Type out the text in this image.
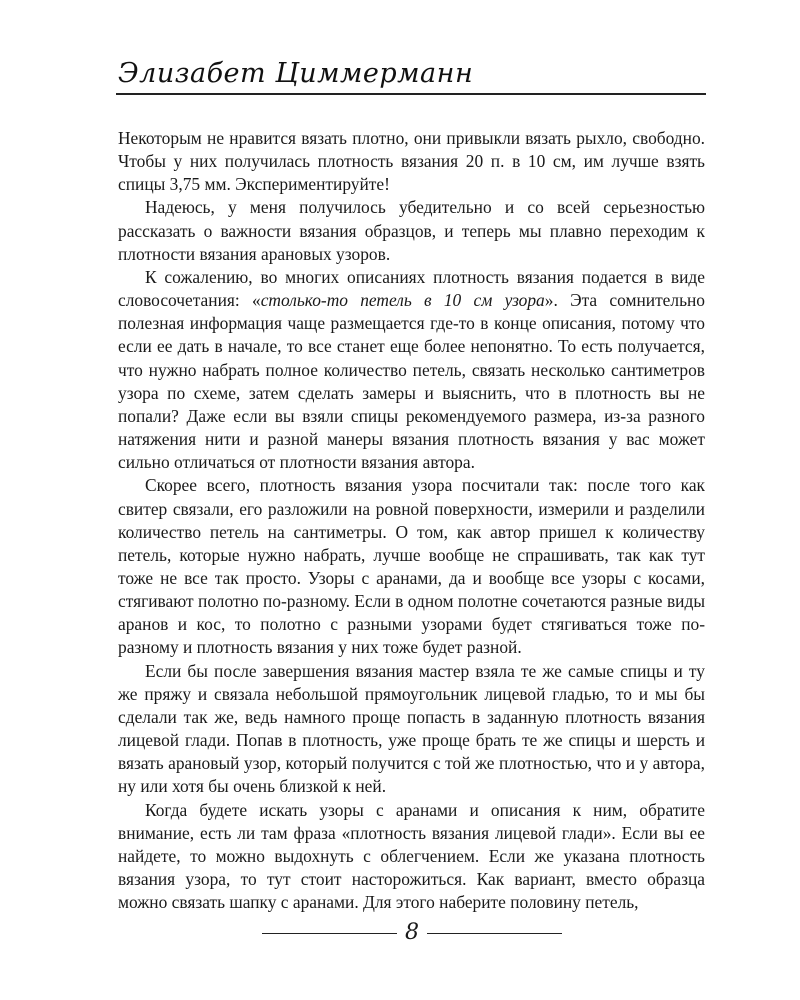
Элизабет Циммерманн

Некоторым не нравится вязать плотно, они привыкли вязать рыхло, свободно. Чтобы у них получилась плотность вязания 20 п. в 10 см, им лучше взять спицы 3,75 мм. Экспериментируйте!

Надеюсь, у меня получилось убедительно и со всей серьезностью рассказать о важности вязания образцов, и теперь мы плавно переходим к плотности вязания арановых узоров.

К сожалению, во многих описаниях плотность вязания подается в виде словосочетания: «столько-то петель в 10 см узора». Эта сомнительно полезная информация чаще размещается где-то в конце описания, потому что если ее дать в начале, то все станет еще более непонятно. То есть получается, что нужно набрать полное количество петель, связать несколько сантиметров узора по схеме, затем сделать замеры и выяснить, что в плотность вы не попали? Даже если вы взяли спицы рекомендуемого размера, из-за разного натяжения нити и разной манеры вязания плотность вязания у вас может сильно отличаться от плотности вязания автора.

Скорее всего, плотность вязания узора посчитали так: после того как свитер связали, его разложили на ровной поверхности, измерили и разделили количество петель на сантиметры. О том, как автор пришел к количеству петель, которые нужно набрать, лучше вообще не спрашивать, так как тут тоже не все так просто. Узоры с аранами, да и вообще все узоры с косами, стягивают полотно по-разному. Если в одном полотне сочетаются разные виды аранов и кос, то полотно с разными узорами будет стягиваться тоже по-разному и плотность вязания у них тоже будет разной.

Если бы после завершения вязания мастер взяла те же самые спицы и ту же пряжу и связала небольшой прямоугольник лицевой гладью, то и мы бы сделали так же, ведь намного проще попасть в заданную плотность вязания лицевой глади. Попав в плотность, уже проще брать те же спицы и шерсть и вязать арановый узор, который получится с той же плотностью, что и у автора, ну или хотя бы очень близкой к ней.

Когда будете искать узоры с аранами и описания к ним, обратите внимание, есть ли там фраза «плотность вязания лицевой глади». Если вы ее найдете, то можно выдохнуть с облегчением. Если же указана плотность вязания узора, то тут стоит насторожиться. Как вариант, вместо образца можно связать шапку с аранами. Для этого наберите половину петель,

8
